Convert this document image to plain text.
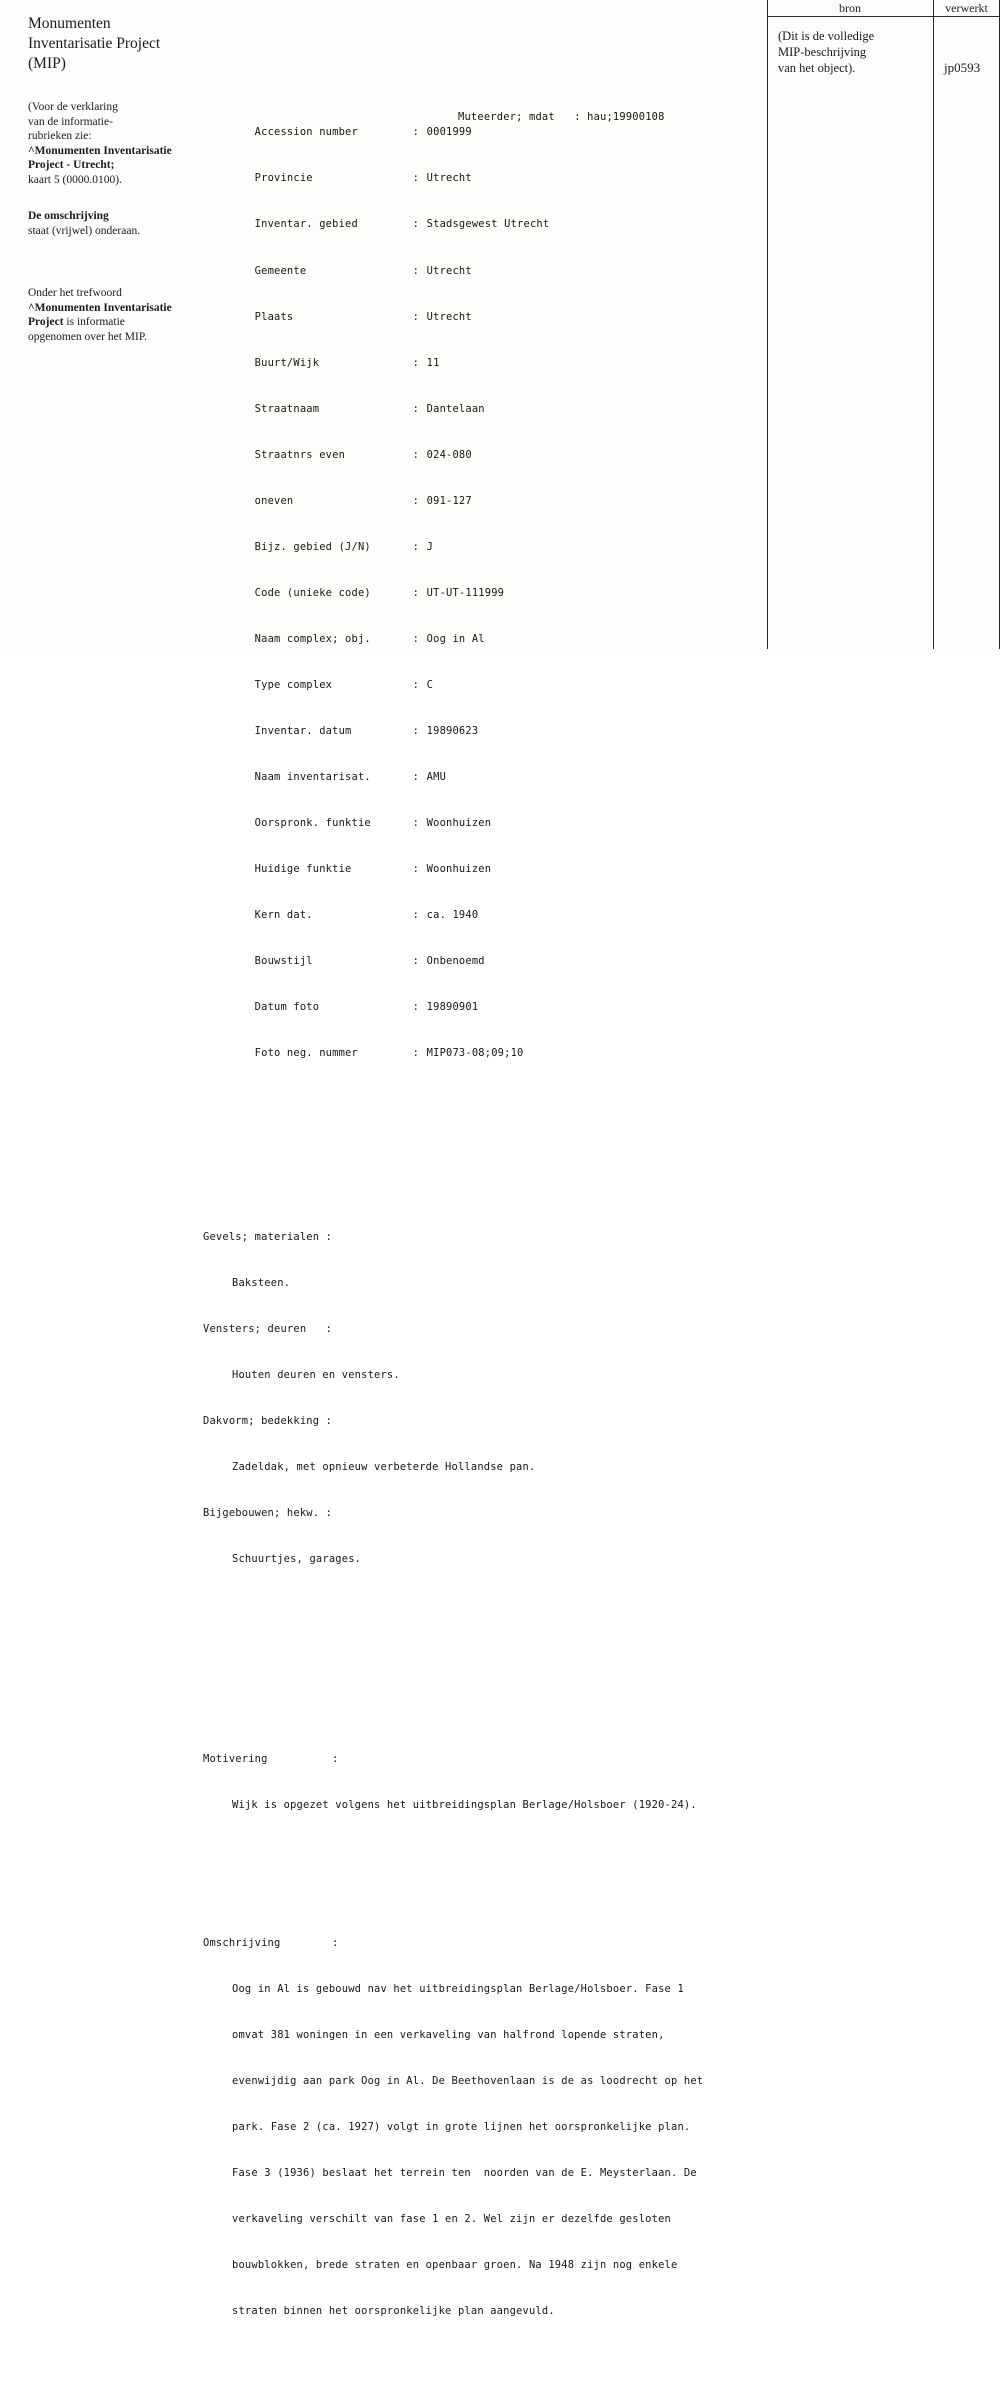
Monumenten Inventarisatie Project (MIP)
(Voor de verklaring
van de informatie-
rubrieken zie:
^Monumenten Inventarisatie
Project - Utrecht;
kaart 5 (0000.0100).
De omschrijving
staat (vrijwel) onderaan.
Onder het trefwoord
^Monumenten Inventarisatie
Project is informatie
opgenomen over het MIP.

Accession number	: 0001999

Muteerder; mdat   : hau;19900108

Provincie	: Utrecht

Inventar. gebied	: Stadsgewest Utrecht

Gemeente	: Utrecht

Plaats	: Utrecht

Buurt/Wijk	: 11

Straatnaam	: Dantelaan

Straatnrs even	: 024-080

oneven	: 091-127

Bijz. gebied (J/N)	: J

Code (unieke code)	: UT-UT-111999

Naam complex; obj.	: Oog in Al

Type complex	: C

Inventar. datum	: 19890623

Naam inventarisat.	: AMU

Oorspronk. funktie	: Woonhuizen

Huidige funktie	: Woonhuizen

Kern dat.	: ca. 1940

Bouwstijl	: Onbenoemd

Datum foto	: 19890901

Foto neg. nummer	: MIP073-08;09;10

Gevels; materialen :

Baksteen.

Vensters; deuren   :

Houten deuren en vensters.

Dakvorm; bedekking :

Zadeldak, met opnieuw verbeterde Hollandse pan.

Bijgebouwen; hekw. :

Schuurtjes, garages.

Motivering          :

Wijk is opgezet volgens het uitbreidingsplan Berlage/Holsboer (1920-24).

Omschrijving        :

Oog in Al is gebouwd nav het uitbreidingsplan Berlage/Holsboer. Fase 1

omvat 381 woningen in een verkaveling van halfrond lopende straten,

evenwijdig aan park Oog in Al. De Beethovenlaan is de as loodrecht op het

park. Fase 2 (ca. 1927) volgt in grote lijnen het oorspronkelijke plan.

Fase 3 (1936) beslaat het terrein ten  noorden van de E. Meysterlaan. De

verkaveling verschilt van fase 1 en 2. Wel zijn er dezelfde gesloten

bouwblokken, brede straten en openbaar groen. Na 1948 zijn nog enkele

straten binnen het oorspronkelijke plan aangevuld.

bron	verwerkt
(Dit is de volledige
MIP-beschrijving
van het object).	jp0593
